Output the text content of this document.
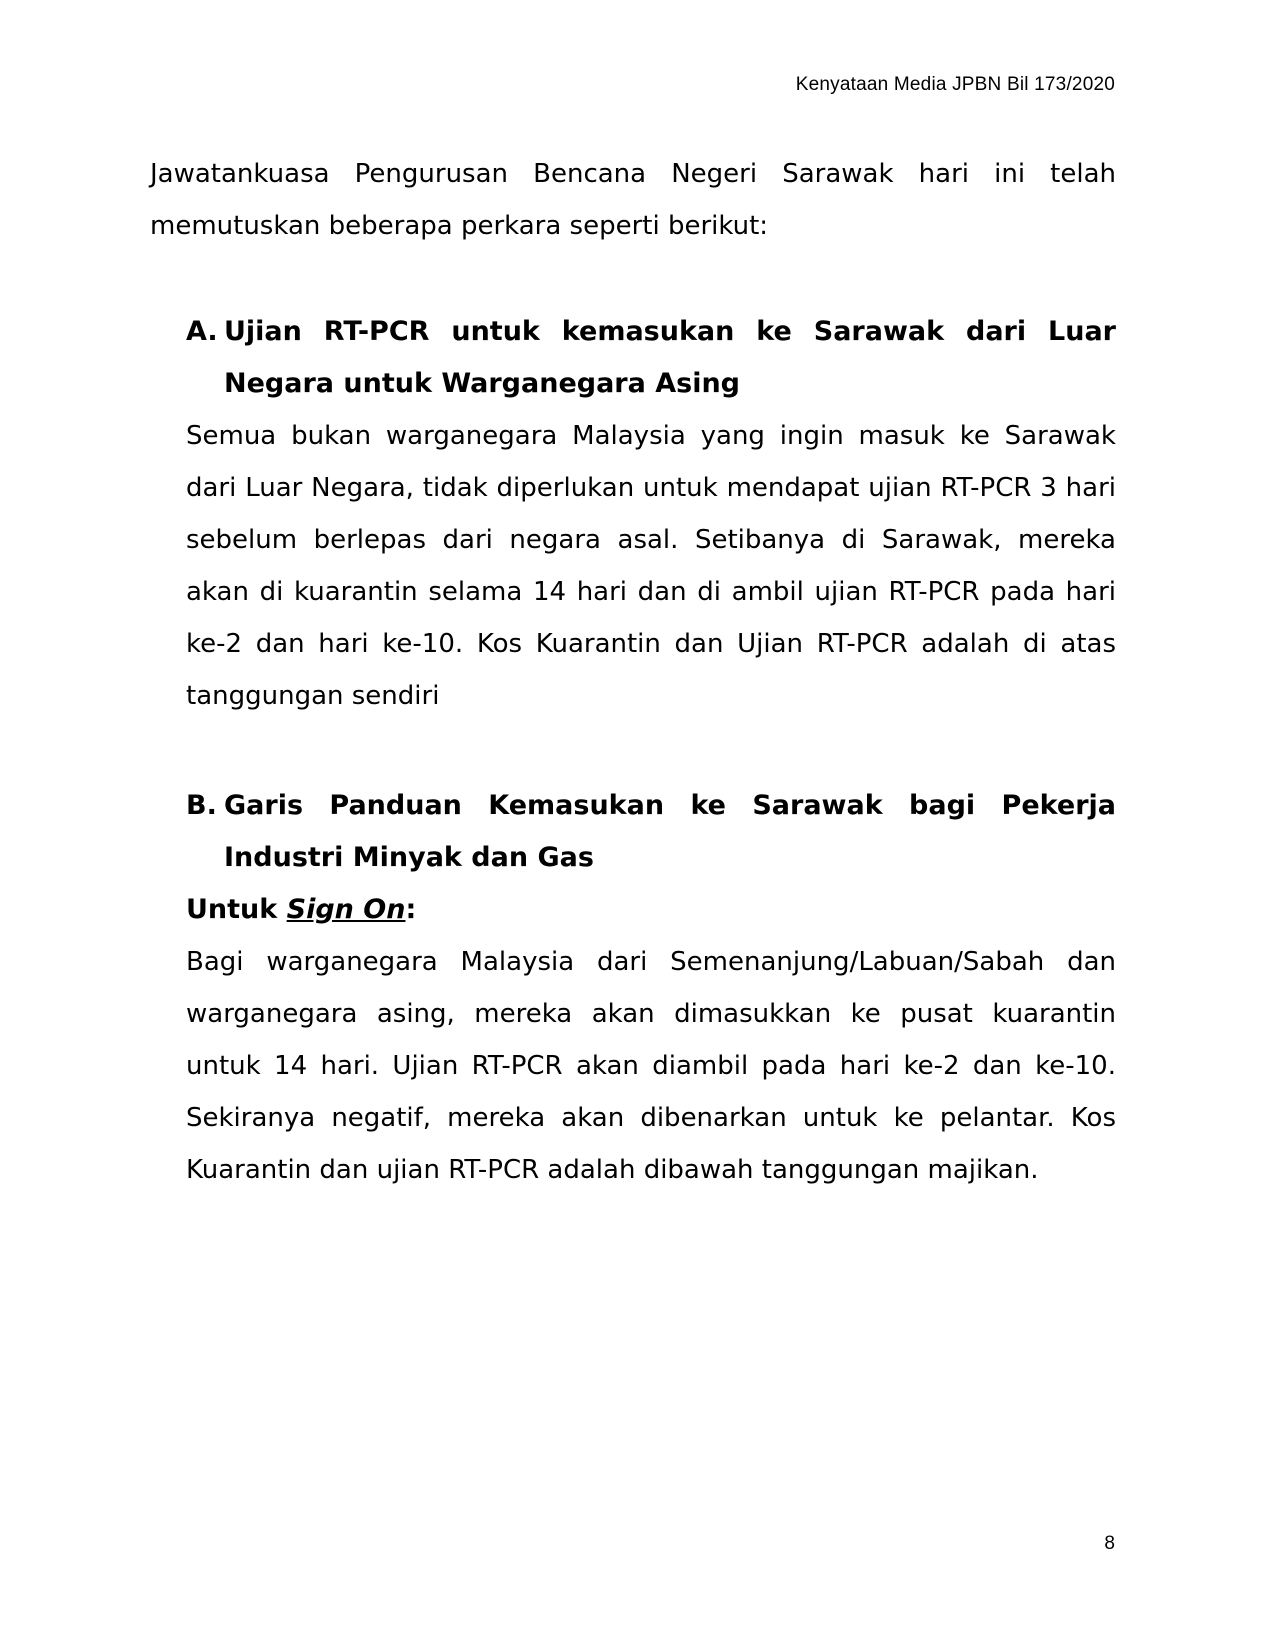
Kenyataan Media JPBN Bil 173/2020

Jawatankuasa Pengurusan Bencana Negeri Sarawak hari ini telah memutuskan beberapa perkara seperti berikut:

A. Ujian RT-PCR untuk kemasukan ke Sarawak dari Luar Negara untuk Warganegara Asing

Semua bukan warganegara Malaysia yang ingin masuk ke Sarawak dari Luar Negara, tidak diperlukan untuk mendapat ujian RT-PCR 3 hari sebelum berlepas dari negara asal. Setibanya di Sarawak, mereka akan di kuarantin selama 14 hari dan di ambil ujian RT-PCR pada hari ke-2 dan hari ke-10. Kos Kuarantin dan Ujian RT-PCR adalah di atas tanggungan sendiri

B. Garis Panduan Kemasukan ke Sarawak bagi Pekerja Industri Minyak dan Gas

Untuk Sign On:

Bagi warganegara Malaysia dari Semenanjung/Labuan/Sabah dan warganegara asing, mereka akan dimasukkan ke pusat kuarantin untuk 14 hari. Ujian RT-PCR akan diambil pada hari ke-2 dan ke-10. Sekiranya negatif, mereka akan dibenarkan untuk ke pelantar. Kos Kuarantin dan ujian RT-PCR adalah dibawah tanggungan majikan.

8
